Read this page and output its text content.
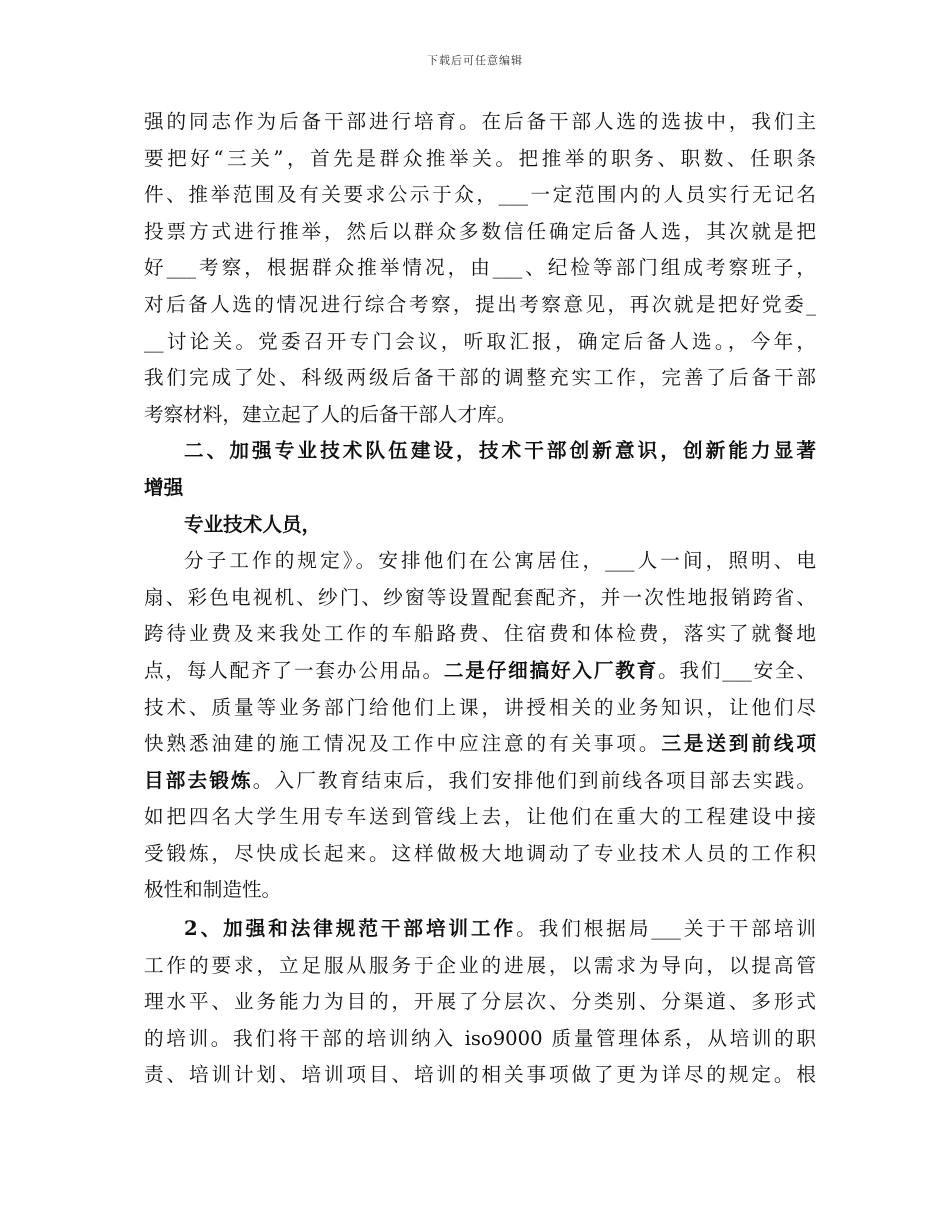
下载后可任意编辑
强的同志作为后备干部进行培育。在后备干部人选的选拔中，我们主
要把好“三关”，首先是群众推举关。把推举的职务、职数、任职条
件、推举范围及有关要求公示于众，___一定范围内的人员实行无记名
投票方式进行推举，然后以群众多数信任确定后备人选，其次就是把
好___考察，根据群众推举情况，由___、纪检等部门组成考察班子，
对后备人选的情况进行综合考察，提出考察意见，再次就是把好党委_
__讨论关。党委召开专门会议，听取汇报，确定后备人选。，今年，
我们完成了处、科级两级后备干部的调整充实工作，完善了后备干部
考察材料，建立起了人的后备干部人才库。
二、加强专业技术队伍建设，技术干部创新意识，创新能力显著
增强
专业技术人员，
分子工作的规定》。安排他们在公寓居住，___人一间，照明、电
扇、彩色电视机、纱门、纱窗等设置配套配齐，并一次性地报销跨省、
跨待业费及来我处工作的车船路费、住宿费和体检费，落实了就餐地
点，每人配齐了一套办公用品。二是仔细搞好入厂教育。我们___安全、
技术、质量等业务部门给他们上课，讲授相关的业务知识，让他们尽
快熟悉油建的施工情况及工作中应注意的有关事项。三是送到前线项
目部去锻炼。入厂教育结束后，我们安排他们到前线各项目部去实践。
如把四名大学生用专车送到管线上去，让他们在重大的工程建设中接
受锻炼，尽快成长起来。这样做极大地调动了专业技术人员的工作积
极性和制造性。
2、加强和法律规范干部培训工作。我们根据局___关于干部培训
工作的要求，立足服从服务于企业的进展，以需求为导向，以提高管
理水平、业务能力为目的，开展了分层次、分类别、分渠道、多形式
的培训。我们将干部的培训纳入 iso9000 质量管理体系，从培训的职
责、培训计划、培训项目、培训的相关事项做了更为详尽的规定。根
